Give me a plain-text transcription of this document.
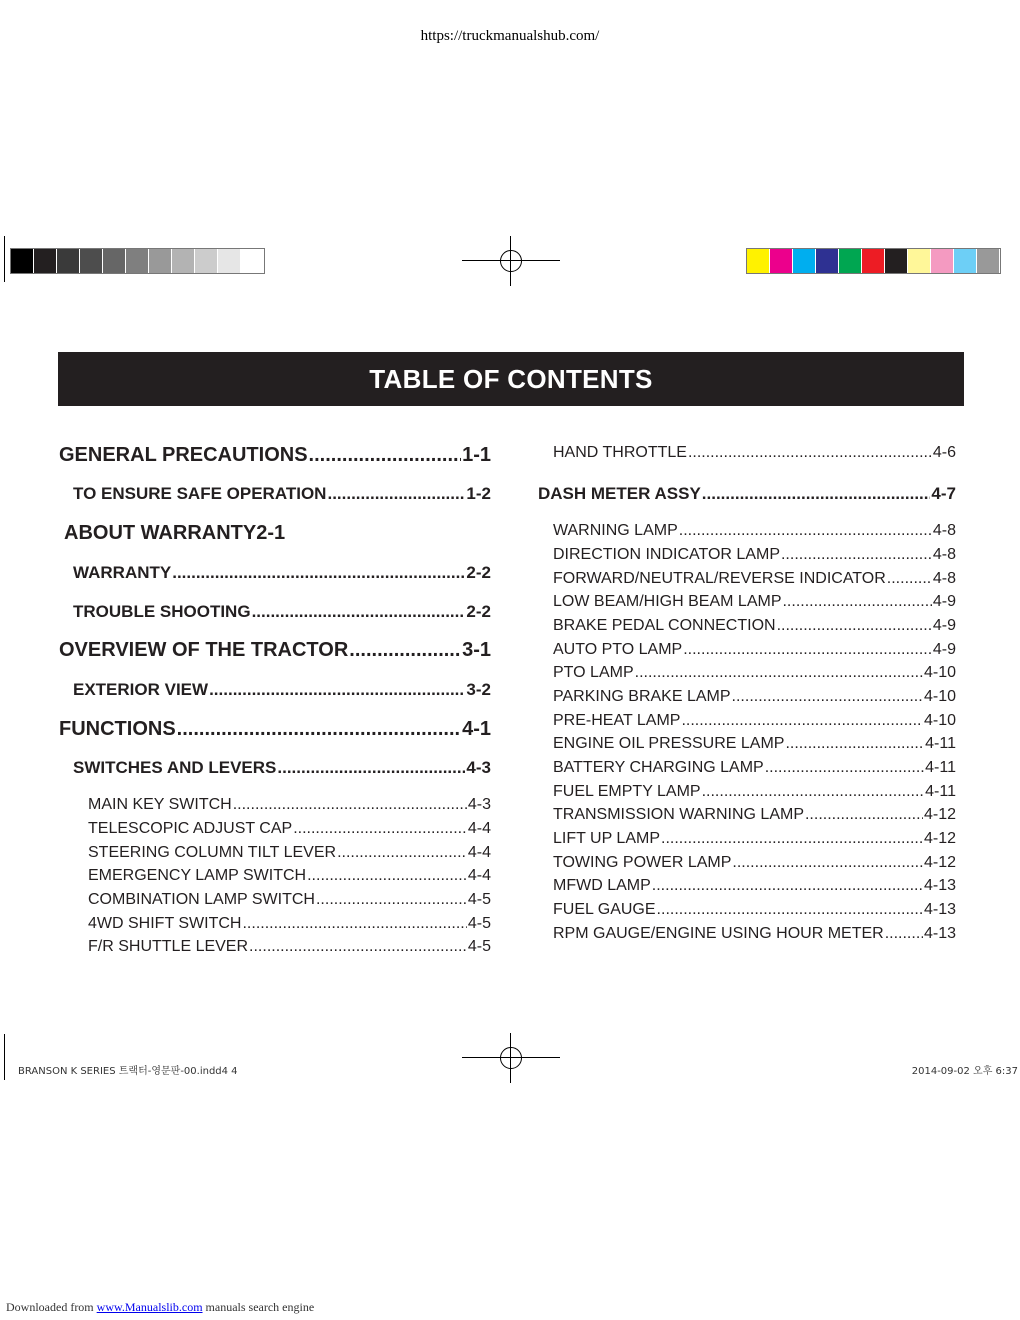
https://truckmanualshub.com/
TABLE OF CONTENTS
GENERAL PRECAUTIONS .....	1-1
TO ENSURE SAFE OPERATION .....	1-2
ABOUT WARRANTY2-1
WARRANTY .....	2-2
TROUBLE SHOOTING .....	2-2
OVERVIEW OF THE TRACTOR .....	3-1
EXTERIOR VIEW .....	3-2
FUNCTIONS .....	4-1
SWITCHES AND LEVERS .....	4-3
MAIN KEY SWITCH .....	4-3
TELESCOPIC ADJUST CAP .....	4-4
STEERING COLUMN TILT LEVER .....	4-4
EMERGENCY LAMP SWITCH .....	4-4
COMBINATION LAMP SWITCH .....	4-5
4WD SHIFT SWITCH .....	4-5
F/R SHUTTLE LEVER .....	4-5
HAND THROTTLE .....	4-6
DASH METER ASSY .....	4-7
WARNING LAMP .....	4-8
DIRECTION INDICATOR LAMP .....	4-8
FORWARD/NEUTRAL/REVERSE INDICATOR .....	4-8
LOW BEAM/HIGH BEAM LAMP .....	4-9
BRAKE PEDAL CONNECTION .....	4-9
AUTO PTO LAMP .....	4-9
PTO LAMP .....	4-10
PARKING BRAKE LAMP .....	4-10
PRE-HEAT LAMP .....	4-10
ENGINE OIL PRESSURE LAMP .....	4-11
BATTERY CHARGING LAMP .....	4-11
FUEL EMPTY LAMP .....	4-11
TRANSMISSION WARNING LAMP .....	4-12
LIFT UP LAMP .....	4-12
TOWING POWER LAMP .....	4-12
MFWD LAMP .....	4-13
FUEL GAUGE .....	4-13
RPM GAUGE/ENGINE USING HOUR METER .....	4-13
BRANSON K SERIES 트랙터-영문판-00.indd4 4	2014-09-02 오후 6:37
Downloaded from www.Manualslib.com manuals search engine
